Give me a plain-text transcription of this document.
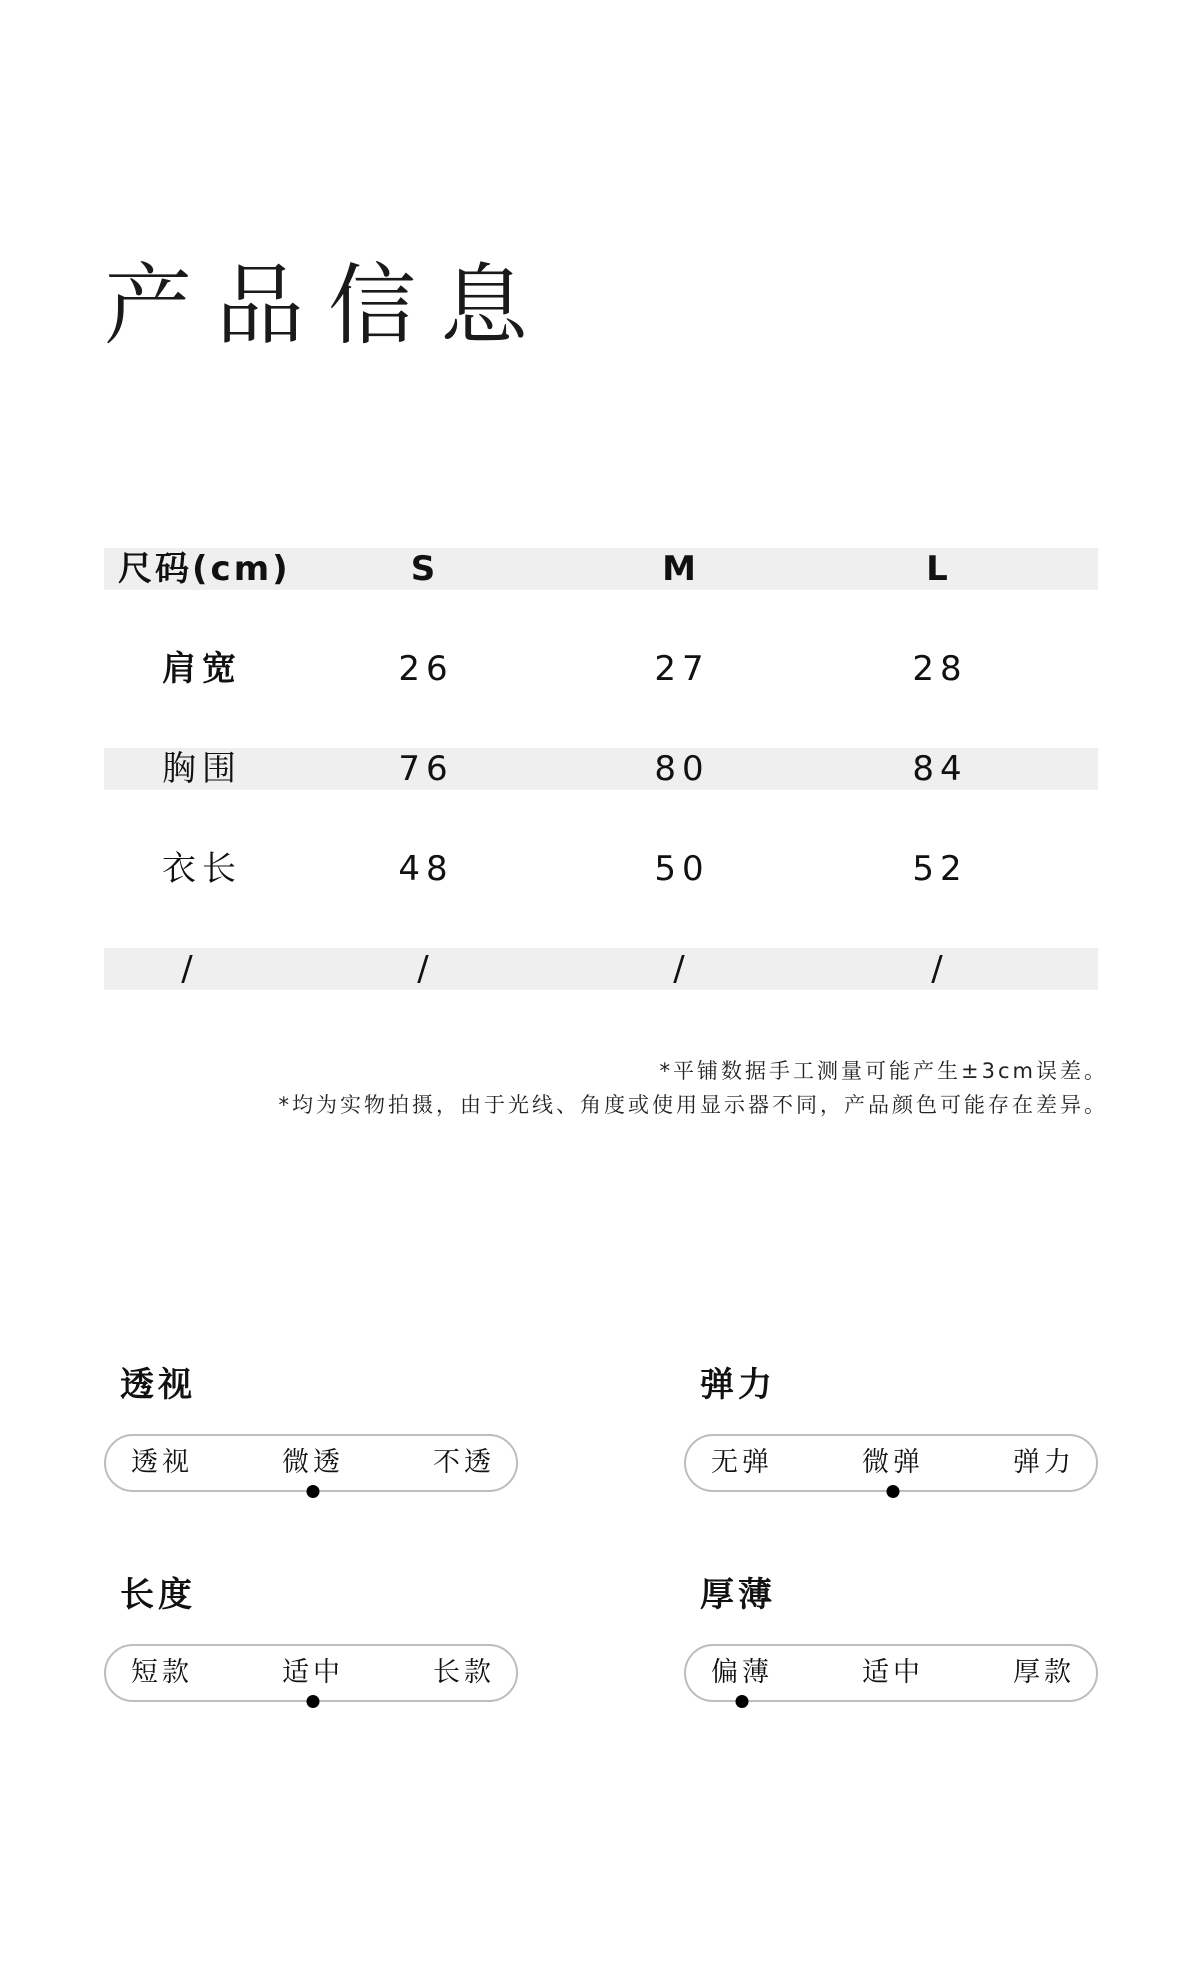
产品信息
尺码(cm)	S	M	L
肩宽	26	27	28
胸围	76	80	84
衣长	48	50	52
/	/	/	/
*平铺数据手工测量可能产生±3cm误差。
*均为实物拍摄，由于光线、角度或使用显示器不同，产品颜色可能存在差异。
透视
透视	微透	不透
弹力
无弹	微弹	弹力
长度
短款	适中	长款
厚薄
偏薄	适中	厚款
